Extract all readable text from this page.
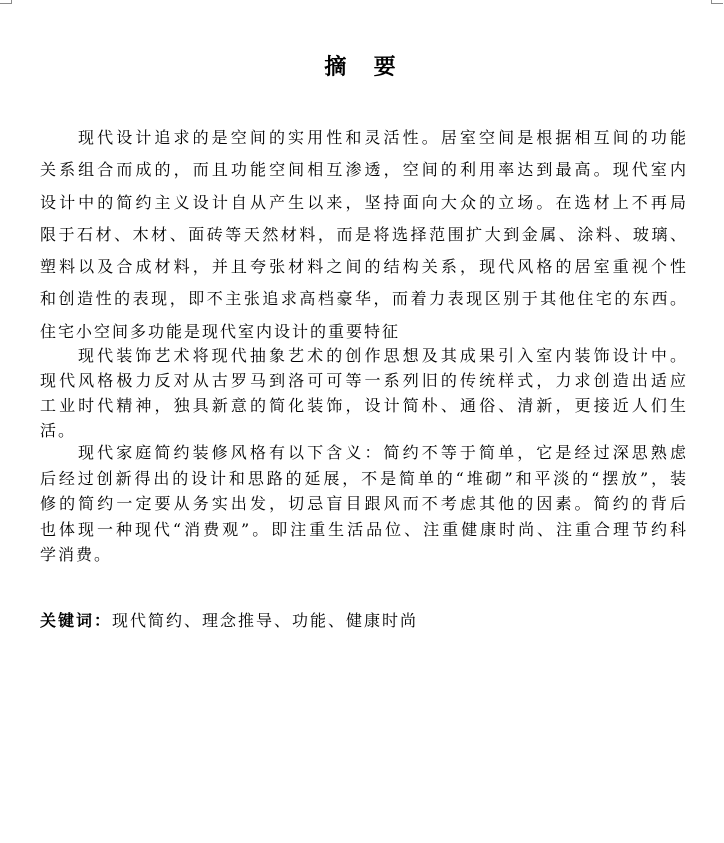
摘  要
现代设计追求的是空间的实用性和灵活性。居室空间是根据相互间的功能
关系组合而成的，而且功能空间相互渗透，空间的利用率达到最高。现代室内
设计中的简约主义设计自从产生以来，坚持面向大众的立场。在选材上不再局
限于石材、木材、面砖等天然材料，而是将选择范围扩大到金属、涂料、玻璃、
塑料以及合成材料，并且夸张材料之间的结构关系，现代风格的居室重视个性
和创造性的表现，即不主张追求高档豪华，而着力表现区别于其他住宅的东西。
住宅小空间多功能是现代室内设计的重要特征
现代装饰艺术将现代抽象艺术的创作思想及其成果引入室内装饰设计中。
现代风格极力反对从古罗马到洛可可等一系列旧的传统样式，力求创造出适应
工业时代精神，独具新意的简化装饰，设计简朴、通俗、清新，更接近人们生
活。
现代家庭简约装修风格有以下含义：简约不等于简单，它是经过深思熟虑
后经过创新得出的设计和思路的延展，不是简单的“堆砌”和平淡的“摆放”，装
修的简约一定要从务实出发，切忌盲目跟风而不考虑其他的因素。简约的背后
也体现一种现代“消费观”。即注重生活品位、注重健康时尚、注重合理节约科
学消费。
关键词：现代简约、理念推导、功能、健康时尚
